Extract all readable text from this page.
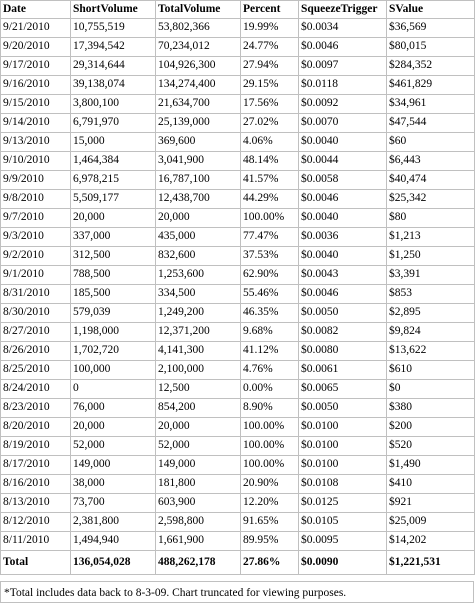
Date	ShortVolume	TotalVolume	Percent	SqueezeTrigger	SValue
9/21/2010	10,755,519	53,802,366	19.99%	$0.0034	$36,569
9/20/2010	17,394,542	70,234,012	24.77%	$0.0046	$80,015
9/17/2010	29,314,644	104,926,300	27.94%	$0.0097	$284,352
9/16/2010	39,138,074	134,274,400	29.15%	$0.0118	$461,829
9/15/2010	3,800,100	21,634,700	17.56%	$0.0092	$34,961
9/14/2010	6,791,970	25,139,000	27.02%	$0.0070	$47,544
9/13/2010	15,000	369,600	4.06%	$0.0040	$60
9/10/2010	1,464,384	3,041,900	48.14%	$0.0044	$6,443
9/9/2010	6,978,215	16,787,100	41.57%	$0.0058	$40,474
9/8/2010	5,509,177	12,438,700	44.29%	$0.0046	$25,342
9/7/2010	20,000	20,000	100.00%	$0.0040	$80
9/3/2010	337,000	435,000	77.47%	$0.0036	$1,213
9/2/2010	312,500	832,600	37.53%	$0.0040	$1,250
9/1/2010	788,500	1,253,600	62.90%	$0.0043	$3,391
8/31/2010	185,500	334,500	55.46%	$0.0046	$853
8/30/2010	579,039	1,249,200	46.35%	$0.0050	$2,895
8/27/2010	1,198,000	12,371,200	9.68%	$0.0082	$9,824
8/26/2010	1,702,720	4,141,300	41.12%	$0.0080	$13,622
8/25/2010	100,000	2,100,000	4.76%	$0.0061	$610
8/24/2010	0	12,500	0.00%	$0.0065	$0
8/23/2010	76,000	854,200	8.90%	$0.0050	$380
8/20/2010	20,000	20,000	100.00%	$0.0100	$200
8/19/2010	52,000	52,000	100.00%	$0.0100	$520
8/17/2010	149,000	149,000	100.00%	$0.0100	$1,490
8/16/2010	38,000	181,800	20.90%	$0.0108	$410
8/13/2010	73,700	603,900	12.20%	$0.0125	$921
8/12/2010	2,381,800	2,598,800	91.65%	$0.0105	$25,009
8/11/2010	1,494,940	1,661,900	89.95%	$0.0095	$14,202
Total	136,054,028	488,262,178	27.86%	$0.0090	$1,221,531
*Total includes data back to 8-3-09. Chart truncated for viewing purposes.
